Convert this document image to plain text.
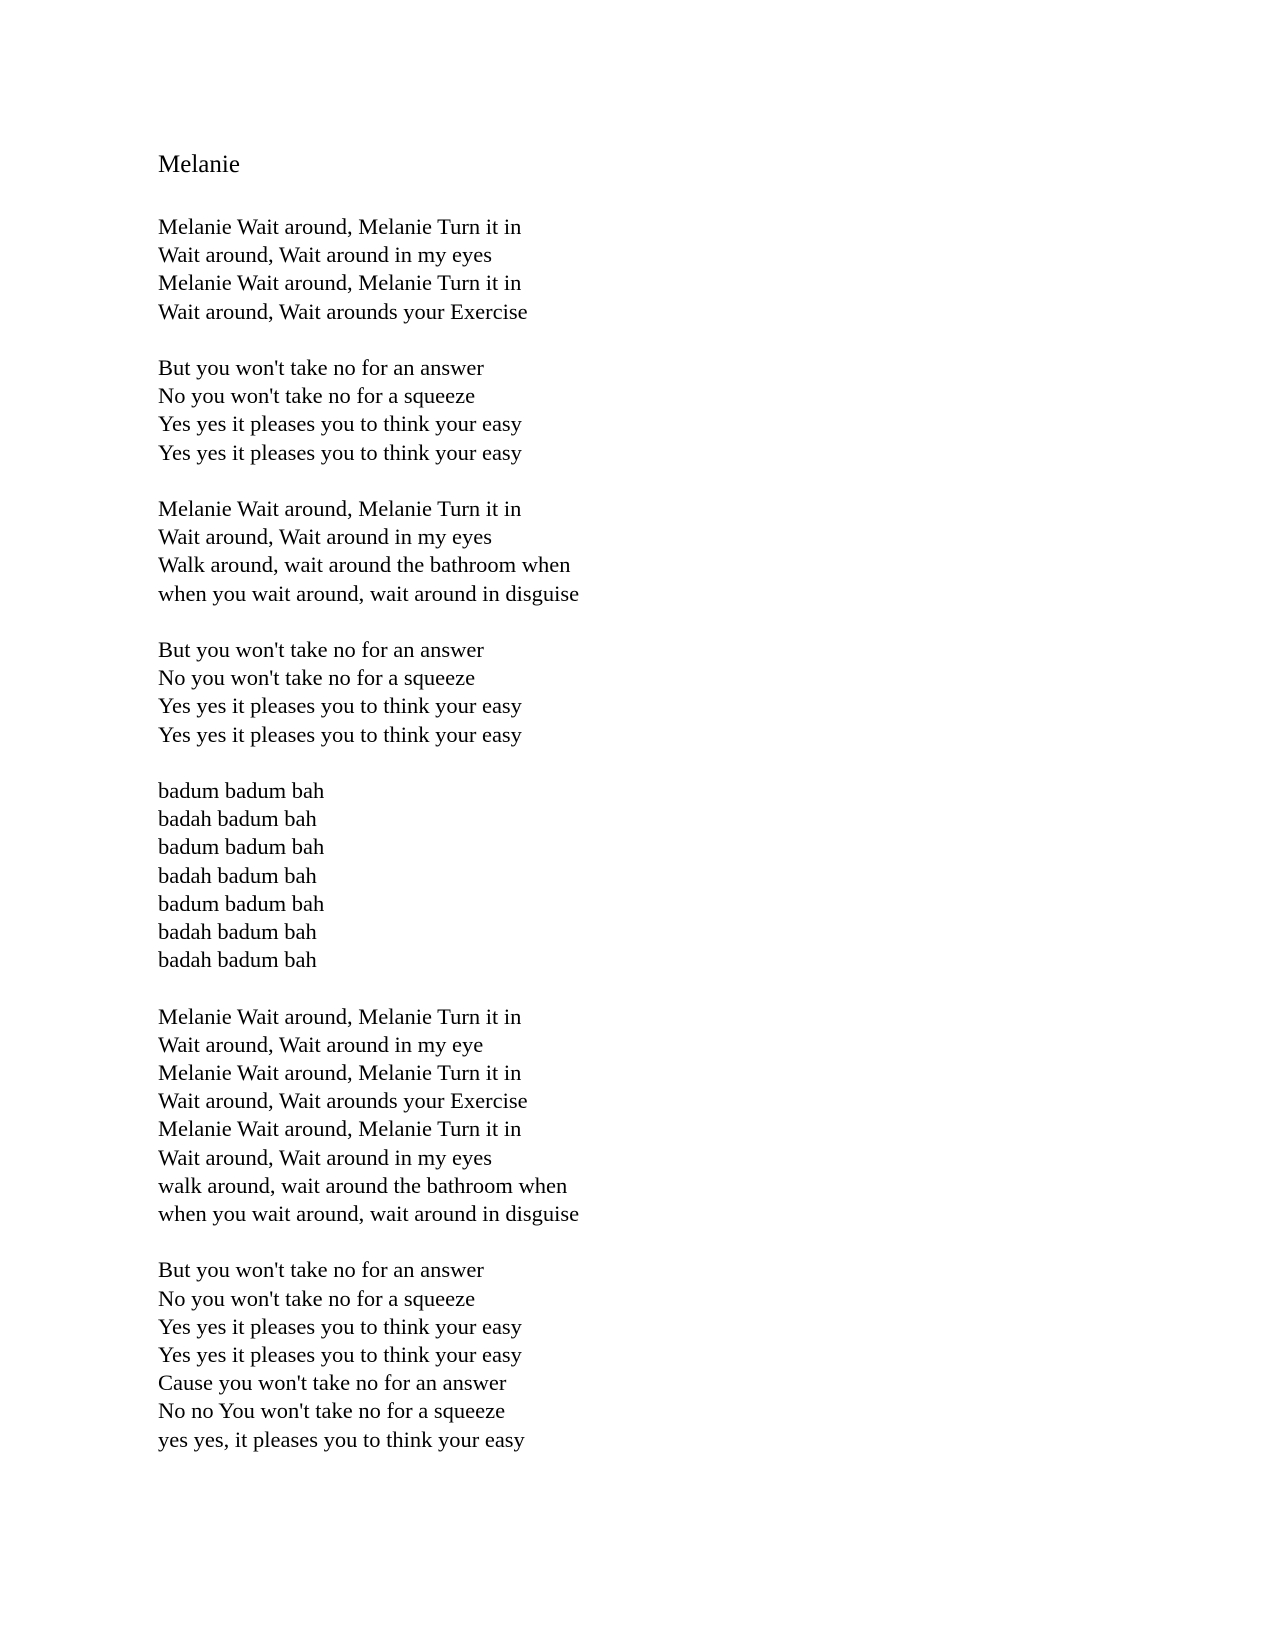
Melanie
Melanie Wait around, Melanie Turn it in
Wait around, Wait around in my eyes
Melanie Wait around, Melanie Turn it in
Wait around, Wait arounds your Exercise
But you won't take no for an answer
No you won't take no for a squeeze
Yes yes it pleases you to think your easy
Yes yes it pleases you to think your easy
Melanie Wait around, Melanie Turn it in
Wait around, Wait around in my eyes
Walk around, wait around the bathroom when
when you wait around, wait around in disguise
But you won't take no for an answer
No you won't take no for a squeeze
Yes yes it pleases you to think your easy
Yes yes it pleases you to think your easy
badum badum bah
badah badum bah
badum badum bah
badah badum bah
badum badum bah
badah badum bah
badah badum bah
Melanie Wait around, Melanie Turn it in
Wait around, Wait around in my eye
Melanie Wait around, Melanie Turn it in
Wait around, Wait arounds your Exercise
Melanie Wait around, Melanie Turn it in
Wait around, Wait around in my eyes
walk around, wait around the bathroom when
when you wait around, wait around in disguise
But you won't take no for an answer
No you won't take no for a squeeze
Yes yes it pleases you to think your easy
Yes yes it pleases you to think your easy
Cause you won't take no for an answer
No no You won't take no for a squeeze
yes yes, it pleases you to think your easy
